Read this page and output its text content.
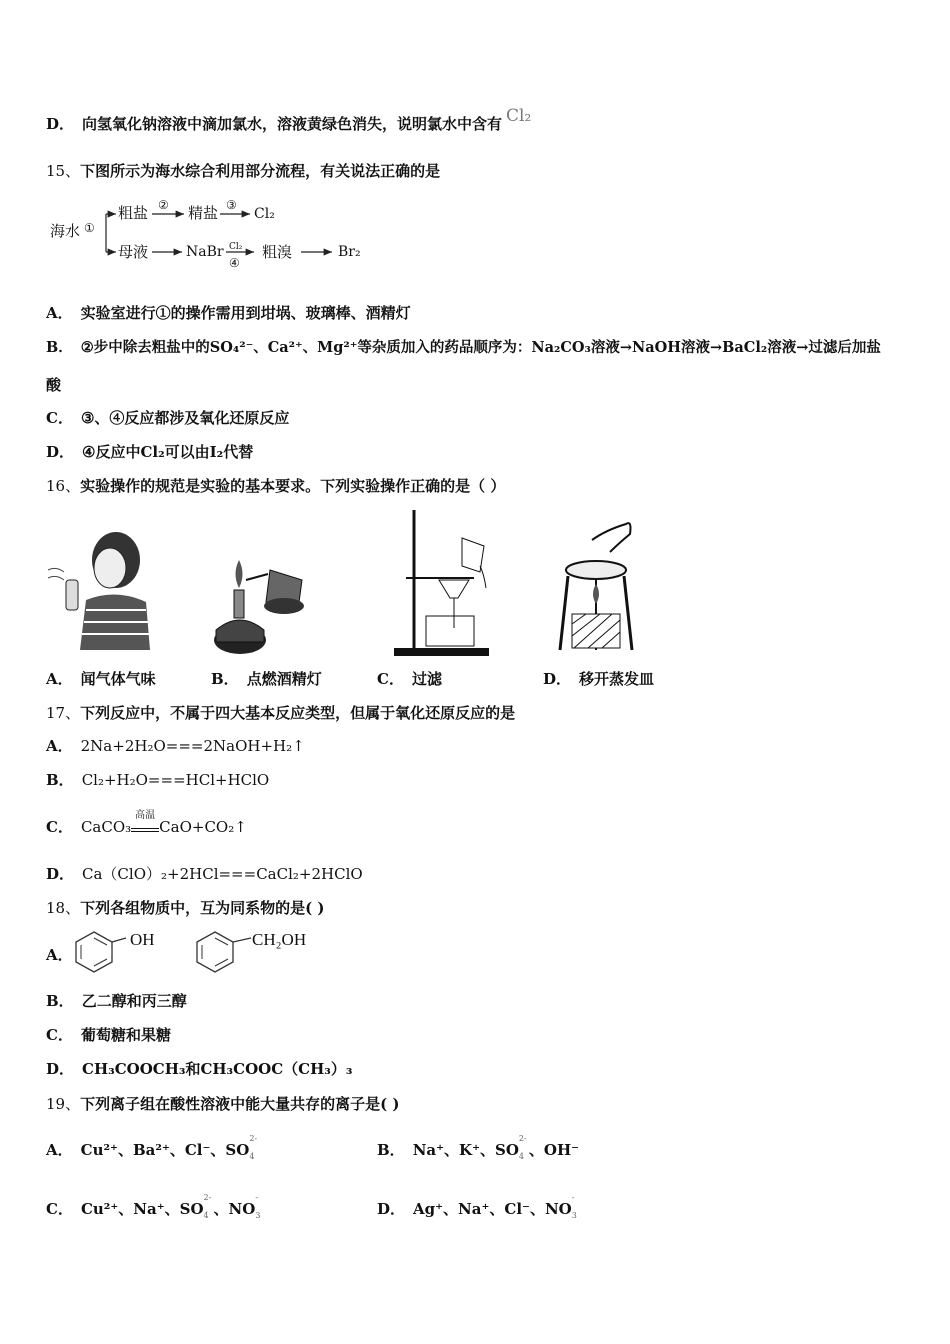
D． 向氢氧化钠溶液中滴加氯水，溶液黄绿色消失，说明氯水中含有 Cl₂
15、下图所示为海水综合利用部分流程，有关说法正确的是
海水 ①
粗盐 ② 精盐 ③
Cl₂
母液	NaBr Cl₂
④
粗溴	Br₂
A． 实验室进行①的操作需用到坩埚、玻璃棒、酒精灯
B． ②步中除去粗盐中的SO₄²⁻、Ca²⁺、Mg²⁺等杂质加入的药品顺序为：Na₂CO₃溶液→NaOH溶液→BaCl₂溶液→过滤后加盐
酸
C． ③、④反应都涉及氧化还原反应
D． ④反应中Cl₂可以由I₂代替
16、实验操作的规范是实验的基本要求。下列实验操作正确的是（ ）
A． 闻气体气味	B． 点燃酒精灯	C． 过滤	D． 移开蒸发皿
17、下列反应中，不属于四大基本反应类型，但属于氧化还原反应的是
A． 2Na+2H₂O===2NaOH+H₂↑
B． Cl₂+H₂O===HCl+HClO
C． CaCO₃
高温
CaO+CO₂↑
D． Ca（ClO）₂+2HCl===CaCl₂+2HClO
18、下列各组物质中，互为同系物的是( )
A．
OH	CH₂OH
B． 乙二醇和丙三醇
C． 葡萄糖和果糖
D． CH₃COOCH₃和CH₃COOC（CH₃）₃
19、下列离子组在酸性溶液中能大量共存的离子是( )
A． Cu²⁺、Ba²⁺、Cl⁻、SO
2-
4	B． Na⁺、K⁺、SO
2-
4 、OH⁻
C． Cu²⁺、Na⁺、SO
2-
4 、NO
-
3	D． Ag⁺、Na⁺、Cl⁻、NO
-
3
